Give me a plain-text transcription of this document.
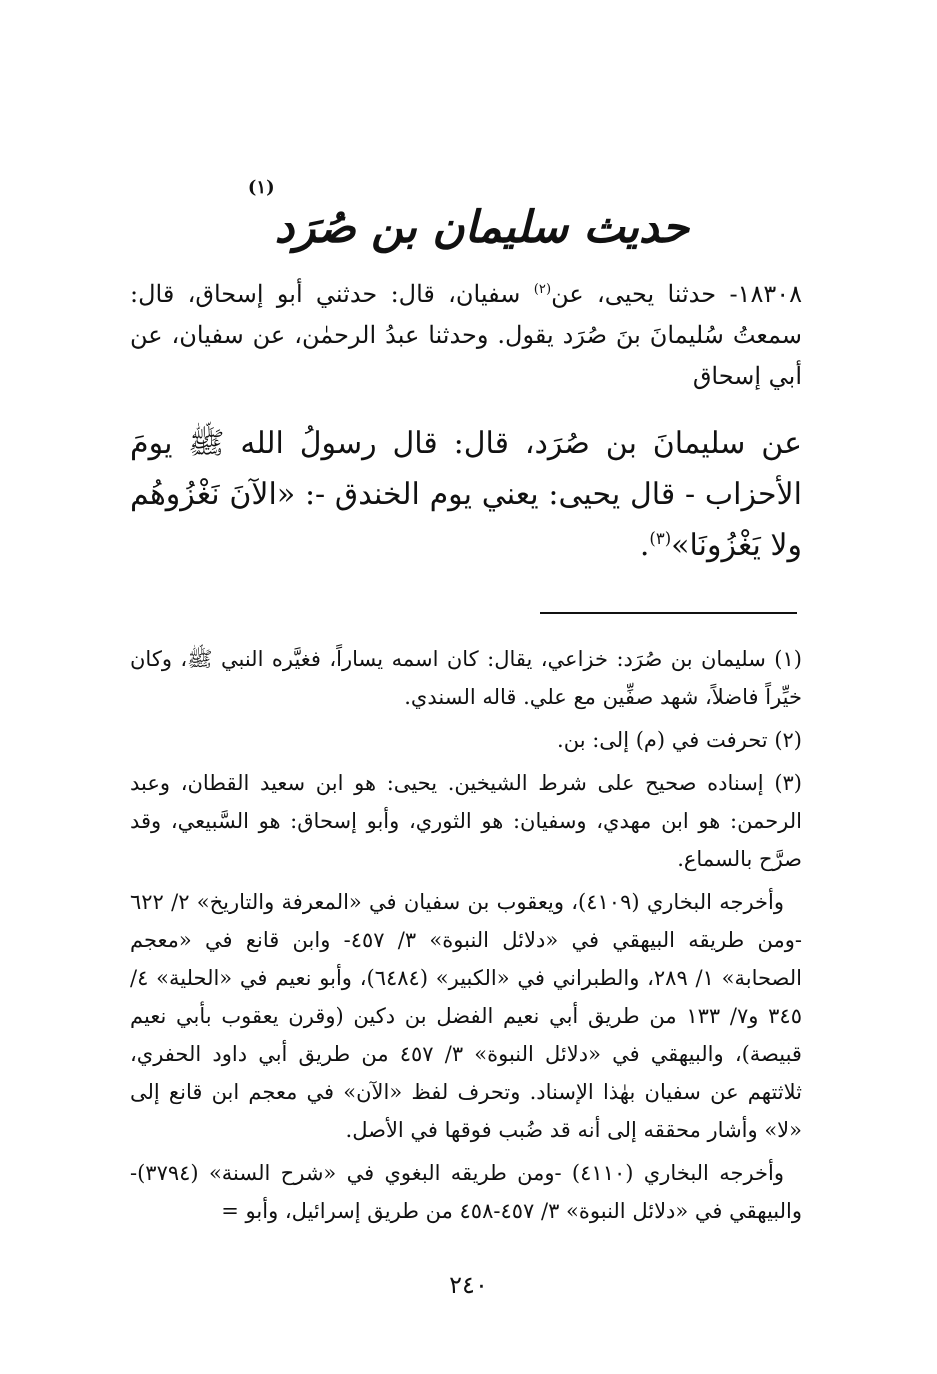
حديث سليمان بن صُرَد$^{(١)}$
١٨٣٠٨- حدثنا يحيى، عن$^{(٢)}$ سفيان، قال: حدثني أبو إسحاق، قال: سمعتُ سُليمانَ بنَ صُرَد يقول. وحدثنا عبدُ الرحمٰن، عن سفيان، عن أبي إسحاق
عن سليمانَ بن صُرَد، قال: قال رسولُ الله ﷺ يومَ الأحزاب - قال يحيى: يعني يوم الخندق -: «الآنَ نَغْزُوهُم ولا يَغْزُونَا»$^{(٣)}$.

(١) سليمان بن صُرَد: خزاعي، يقال: كان اسمه يساراً، فغيَّره النبي ﷺ، وكان خيِّراً فاضلاً، شهد صفِّين مع علي. قاله السندي.

(٢) تحرفت في (م) إلى: بن.

(٣) إسناده صحيح على شرط الشيخين. يحيى: هو ابن سعيد القطان، وعبد الرحمن: هو ابن مهدي، وسفيان: هو الثوري، وأبو إسحاق: هو السَّبيعي، وقد صرَّح بالسماع.

وأخرجه البخاري (٤١٠٩)، ويعقوب بن سفيان في «المعرفة والتاريخ» ٢/ ٦٢٢ -ومن طريقه البيهقي في «دلائل النبوة» ٣/ ٤٥٧- وابن قانع في «معجم الصحابة» ١/ ٢٨٩، والطبراني في «الكبير» (٦٤٨٤)، وأبو نعيم في «الحلية» ٤/ ٣٤٥ و٧/ ١٣٣ من طريق أبي نعيم الفضل بن دكين (وقرن يعقوب بأبي نعيم قبيصة)، والبيهقي في «دلائل النبوة» ٣/ ٤٥٧ من طريق أبي داود الحفري، ثلاثتهم عن سفيان بهٰذا الإسناد. وتحرف لفظ «الآن» في معجم ابن قانع إلى «لا» وأشار محققه إلى أنه قد ضُبب فوقها في الأصل.

وأخرجه البخاري (٤١١٠) -ومن طريقه البغوي في «شرح السنة» (٣٧٩٤)- والبيهقي في «دلائل النبوة» ٣/ ٤٥٧-٤٥٨ من طريق إسرائيل، وأبو =

٢٤٠
